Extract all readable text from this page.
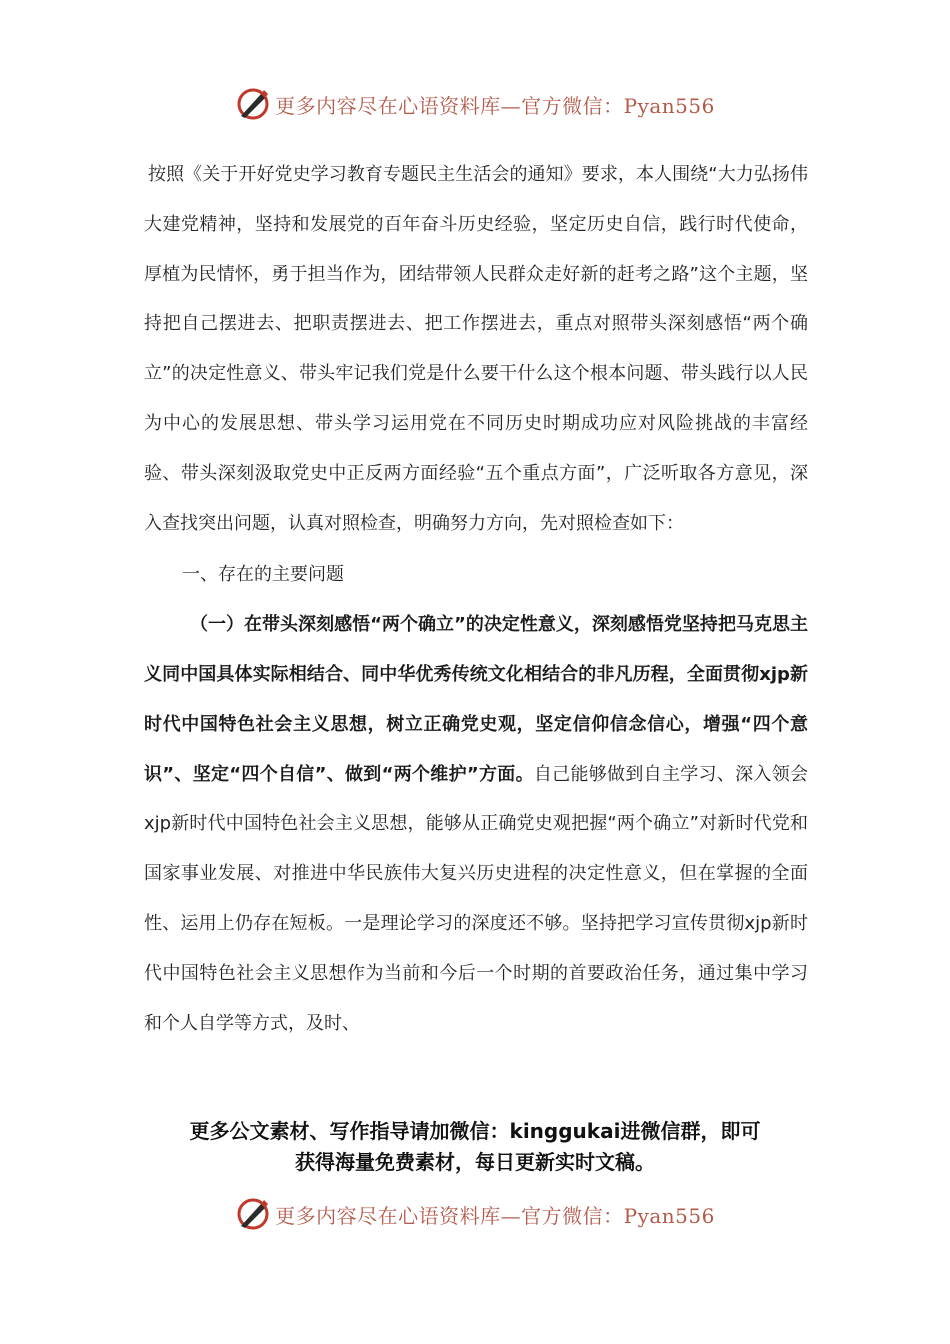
更多内容尽在心语资料库—官方微信：Pyan556

按照《关于开好党史学习教育专题民主生活会的通知》要求，本人围绕“大力弘扬伟大建党精神，坚持和发展党的百年奋斗历史经验，坚定历史自信，践行时代使命，厚植为民情怀，勇于担当作为，团结带领人民群众走好新的赶考之路”这个主题，坚持把自己摆进去、把职责摆进去、把工作摆进去，重点对照带头深刻感悟“两个确立”的决定性意义、带头牢记我们党是什么要干什么这个根本问题、带头践行以人民为中心的发展思想、带头学习运用党在不同历史时期成功应对风险挑战的丰富经验、带头深刻汲取党史中正反两方面经验“五个重点方面”，广泛听取各方意见，深入查找突出问题，认真对照检查，明确努力方向，先对照检查如下：

一、存在的主要问题

（一）在带头深刻感悟“两个确立”的决定性意义，深刻感悟党坚持把马克思主义同中国具体实际相结合、同中华优秀传统文化相结合的非凡历程，全面贯彻xjp新时代中国特色社会主义思想，树立正确党史观，坚定信仰信念信心，增强“四个意识”、坚定“四个自信”、做到“两个维护”方面。自己能够做到自主学习、深入领会xjp新时代中国特色社会主义思想，能够从正确党史观把握“两个确立”对新时代党和国家事业发展、对推进中华民族伟大复兴历史进程的决定性意义，但在掌握的全面性、运用上仍存在短板。一是理论学习的深度还不够。坚持把学习宣传贯彻xjp新时代中国特色社会主义思想作为当前和今后一个时期的首要政治任务，通过集中学习和个人自学等方式，及时、

更多公文素材、写作指导请加微信：kinggukai进微信群，即可
获得海量免费素材，每日更新实时文稿。
更多内容尽在心语资料库—官方微信：Pyan556
